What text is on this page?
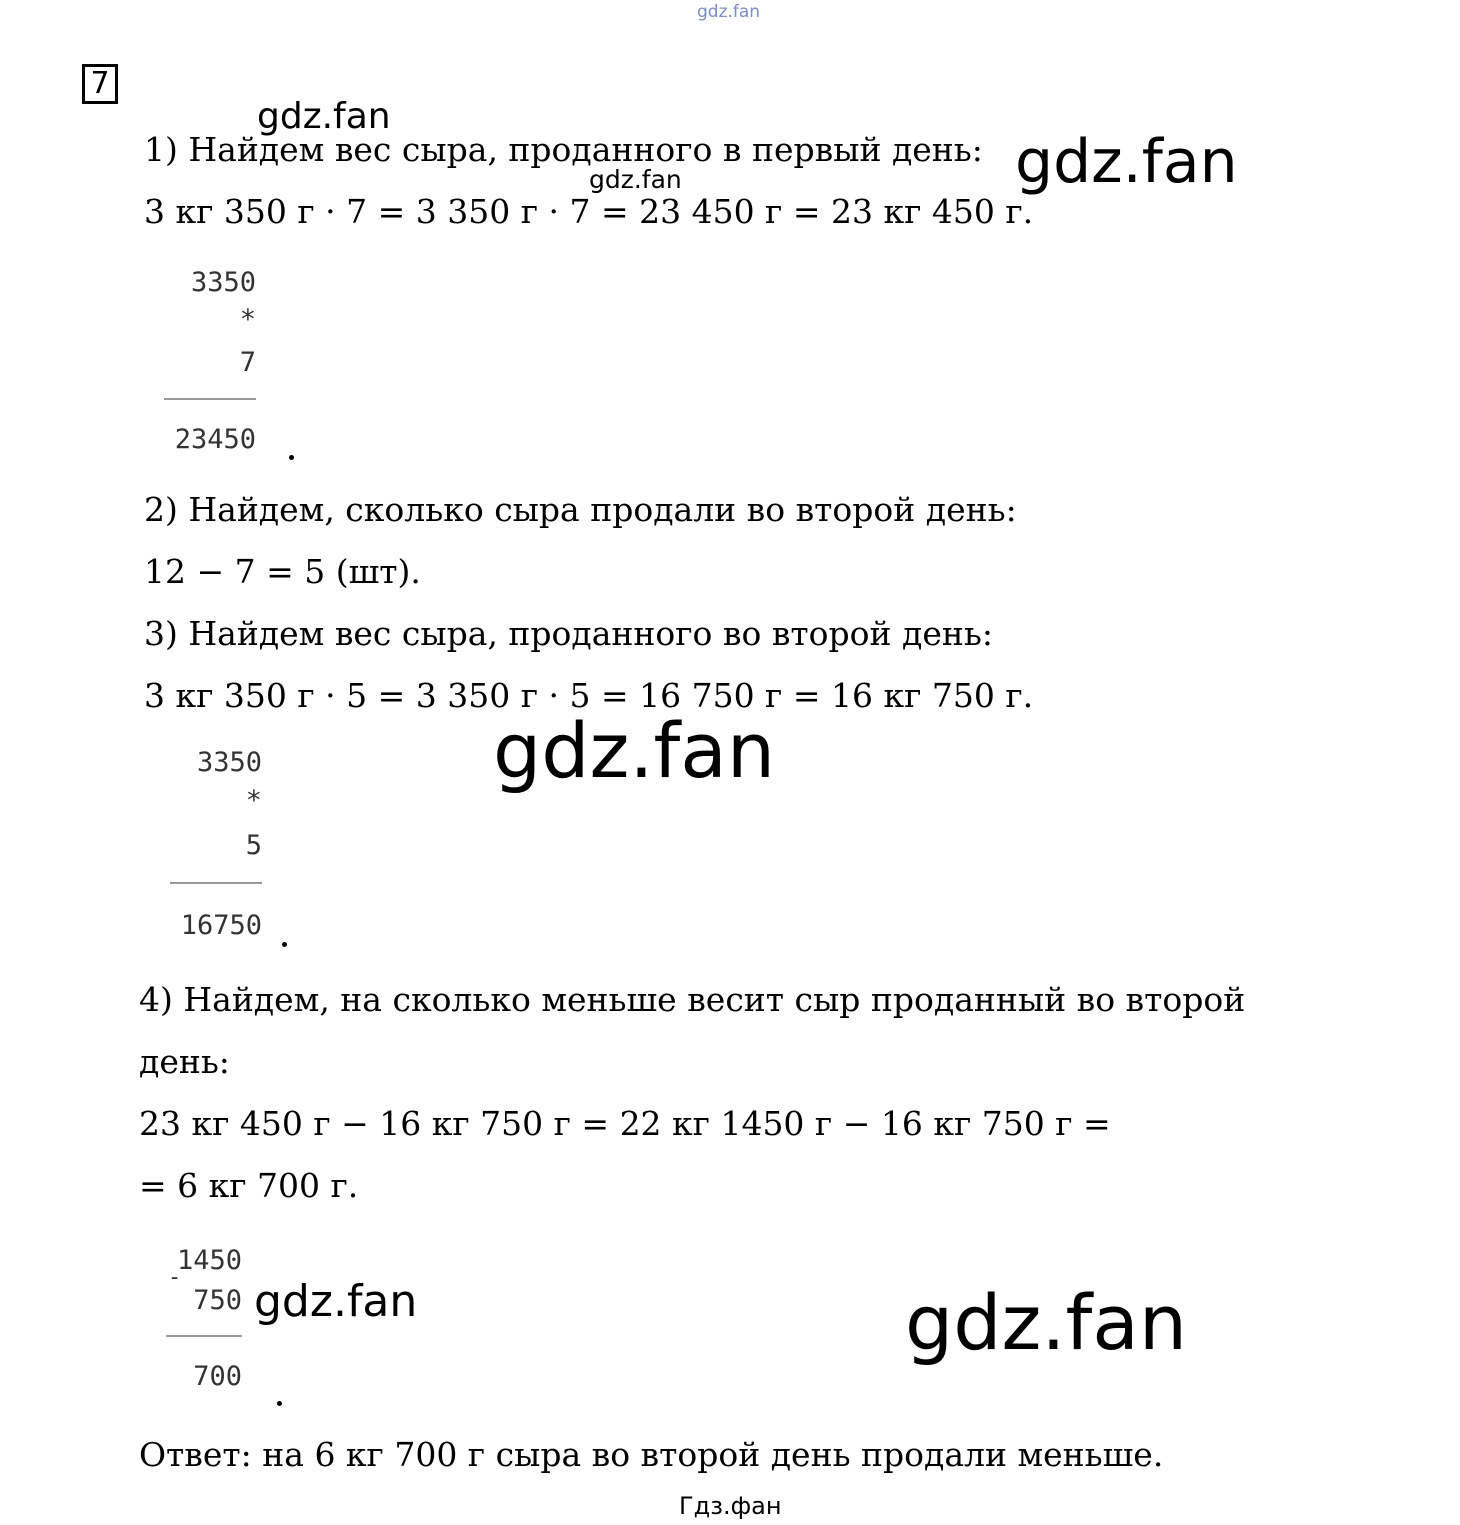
gdz.fan
7
gdz.fan
1) Найдем вес сыра, проданного в первый день:
gdz.fan	gdz.fan
3 кг 350 г · 7 = 3 350 г · 7 = 23 450 г = 23 кг 450 г.
3350
*
7
23450
2) Найдем, сколько сыра продали во второй день:
12 − 7 = 5 (шт).
3) Найдем вес сыра, проданного во второй день:
3 кг 350 г · 5 = 3 350 г · 5 = 16 750 г = 16 кг 750 г.
gdz.fan
3350
*
5
16750
4) Найдем, на сколько меньше весит сыр проданный во второй
день:
23 кг 450 г − 16 кг 750 г = 22 кг 1450 г − 16 кг 750 г =
= 6 кг 700 г.
1450
-
750
700
gdz.fan	gdz.fan
Ответ: на 6 кг 700 г сыра во второй день продали меньше.
Гдз.фан
